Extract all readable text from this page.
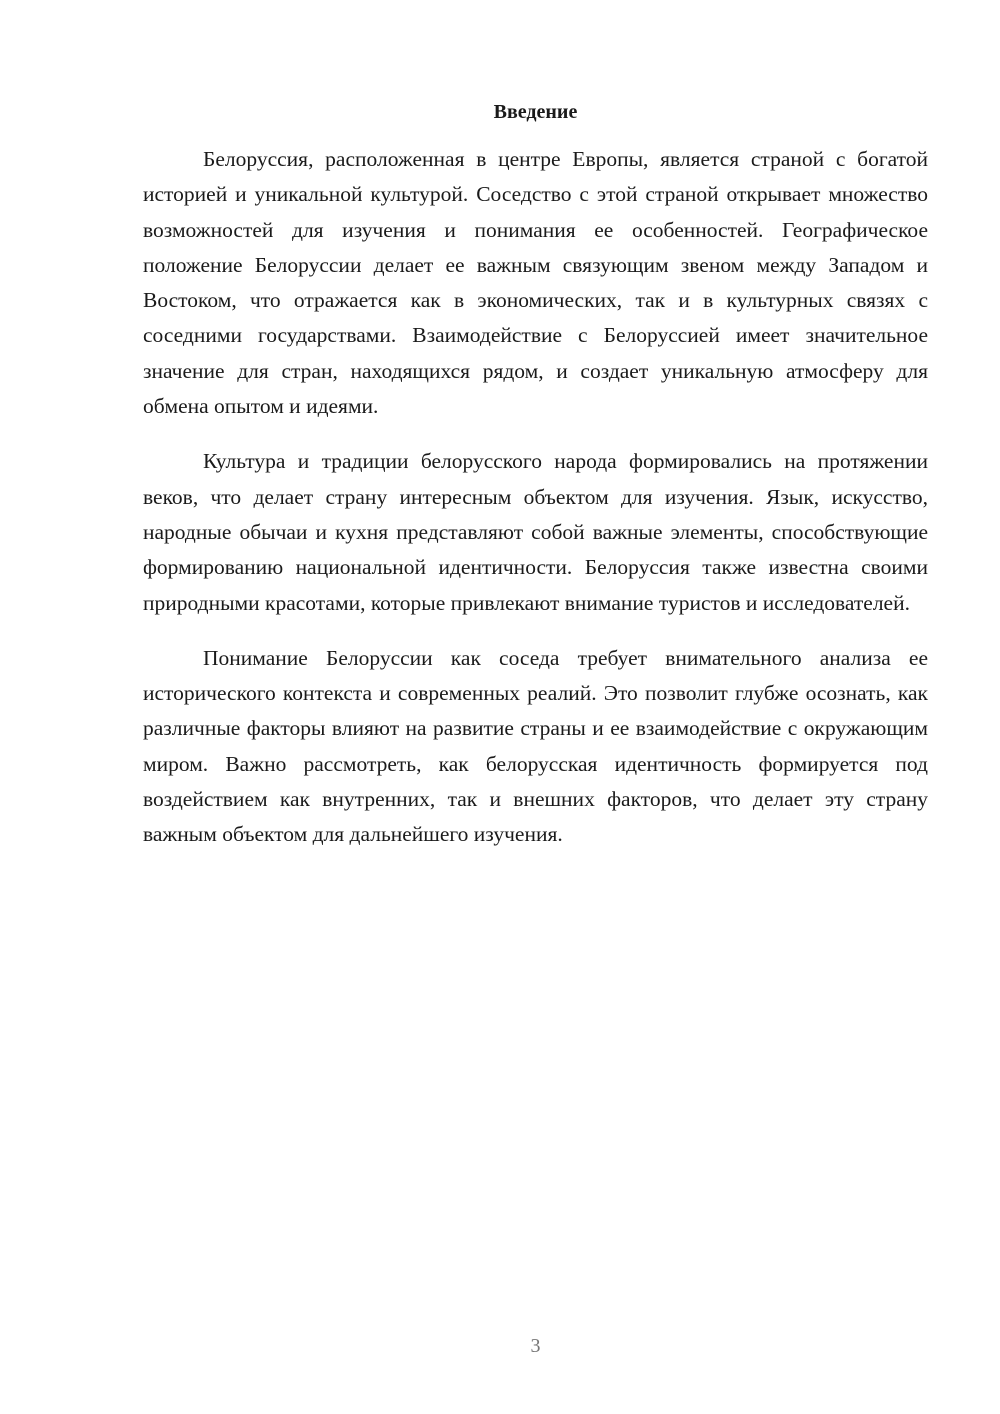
Введение

Белоруссия, расположенная в центре Европы, является страной с богатой историей и уникальной культурой. Соседство с этой страной открывает множество возможностей для изучения и понимания ее особенностей. Географическое положение Белоруссии делает ее важным связующим звеном между Западом и Востоком, что отражается как в экономических, так и в культурных связях с соседними государствами. Взаимодействие с Белоруссией имеет значительное значение для стран, находящихся рядом, и создает уникальную атмосферу для обмена опытом и идеями.

Культура и традиции белорусского народа формировались на протяжении веков, что делает страну интересным объектом для изучения. Язык, искусство, народные обычаи и кухня представляют собой важные элементы, способствующие формированию национальной идентичности. Белоруссия также известна своими природными красотами, которые привлекают внимание туристов и исследователей.

Понимание Белоруссии как соседа требует внимательного анализа ее исторического контекста и современных реалий. Это позволит глубже осознать, как различные факторы влияют на развитие страны и ее взаимодействие с окружающим миром. Важно рассмотреть, как белорусская идентичность формируется под воздействием как внутренних, так и внешних факторов, что делает эту страну важным объектом для дальнейшего изучения.

3
